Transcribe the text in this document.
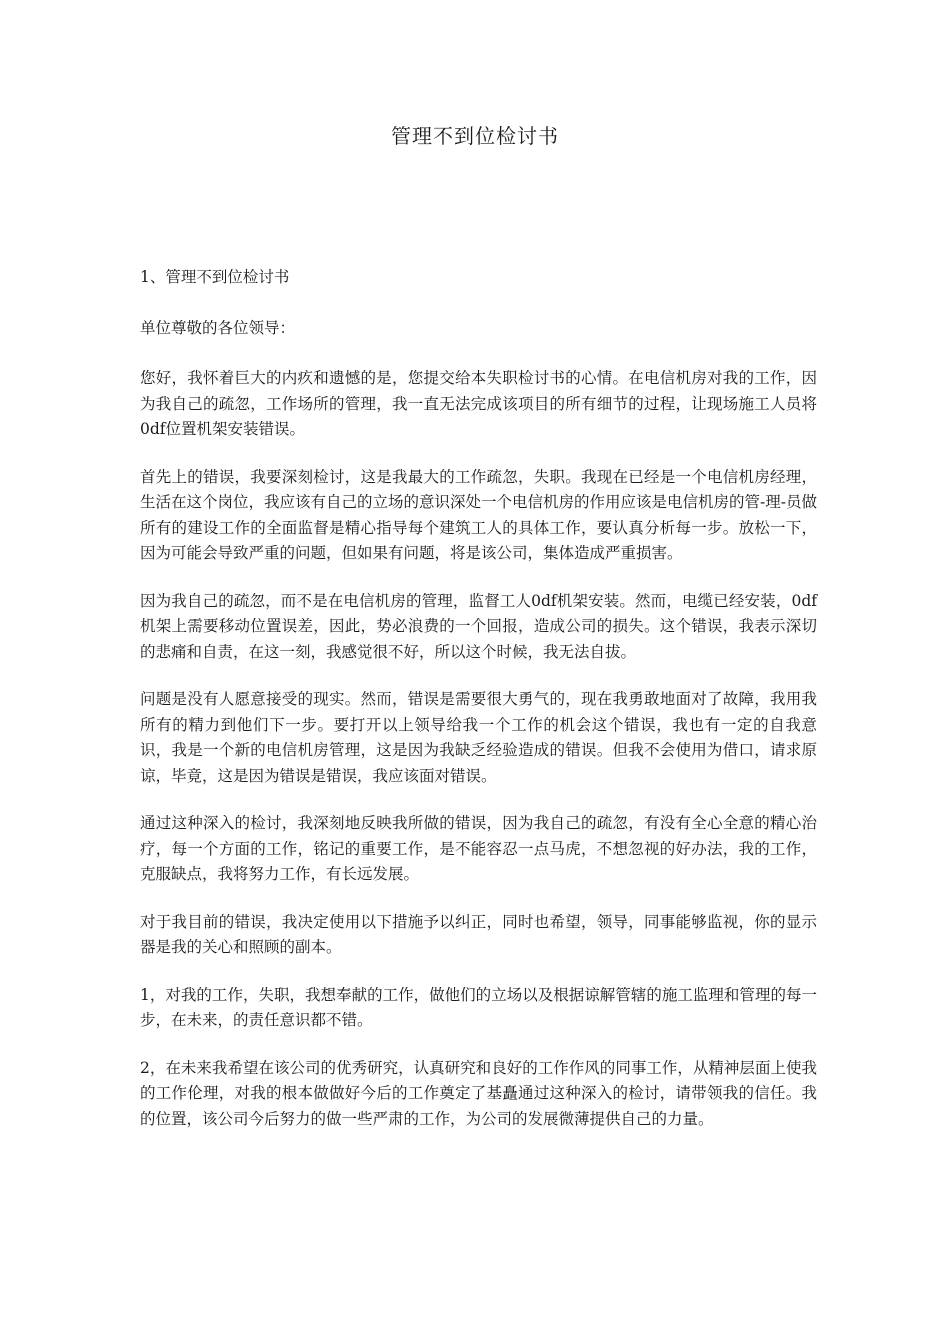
管理不到位检讨书

1、管理不到位检讨书

单位尊敬的各位领导：

您好，我怀着巨大的内疚和遗憾的是，您提交给本失职检讨书的心情。在电信机房对我的工作，因为我自己的疏忽，工作场所的管理，我一直无法完成该项目的所有细节的过程，让现场施工人员将0df位置机架安装错误。

首先上的错误，我要深刻检讨，这是我最大的工作疏忽，失职。我现在已经是一个电信机房经理，生活在这个岗位，我应该有自己的立场的意识深处一个电信机房的作用应该是电信机房的管-理-员做所有的建设工作的全面监督是精心指导每个建筑工人的具体工作，要认真分析每一步。放松一下，因为可能会导致严重的问题，但如果有问题，将是该公司，集体造成严重损害。

因为我自己的疏忽，而不是在电信机房的管理，监督工人0df机架安装。然而，电缆已经安装，0df机架上需要移动位置误差，因此，势必浪费的一个回报，造成公司的损失。这个错误，我表示深切的悲痛和自责，在这一刻，我感觉很不好，所以这个时候，我无法自拔。

问题是没有人愿意接受的现实。然而，错误是需要很大勇气的，现在我勇敢地面对了故障，我用我所有的精力到他们下一步。要打开以上领导给我一个工作的机会这个错误，我也有一定的自我意识，我是一个新的电信机房管理，这是因为我缺乏经验造成的错误。但我不会使用为借口，请求原谅，毕竟，这是因为错误是错误，我应该面对错误。

通过这种深入的检讨，我深刻地反映我所做的错误，因为我自己的疏忽，有没有全心全意的精心治疗，每一个方面的工作，铭记的重要工作，是不能容忍一点马虎，不想忽视的好办法，我的工作，克服缺点，我将努力工作，有长远发展。

对于我目前的错误，我决定使用以下措施予以纠正，同时也希望，领导，同事能够监视，你的显示器是我的关心和照顾的副本。

1，对我的工作，失职，我想奉献的工作，做他们的立场以及根据谅解管辖的施工监理和管理的每一步，在未来，的责任意识都不错。

2，在未来我希望在该公司的优秀研究，认真研究和良好的工作作风的同事工作，从精神层面上使我的工作伦理，对我的根本做做好今后的工作奠定了基矗通过这种深入的检讨，请带领我的信任。我的位置，该公司今后努力的做一些严肃的工作，为公司的发展微薄提供自己的力量。
